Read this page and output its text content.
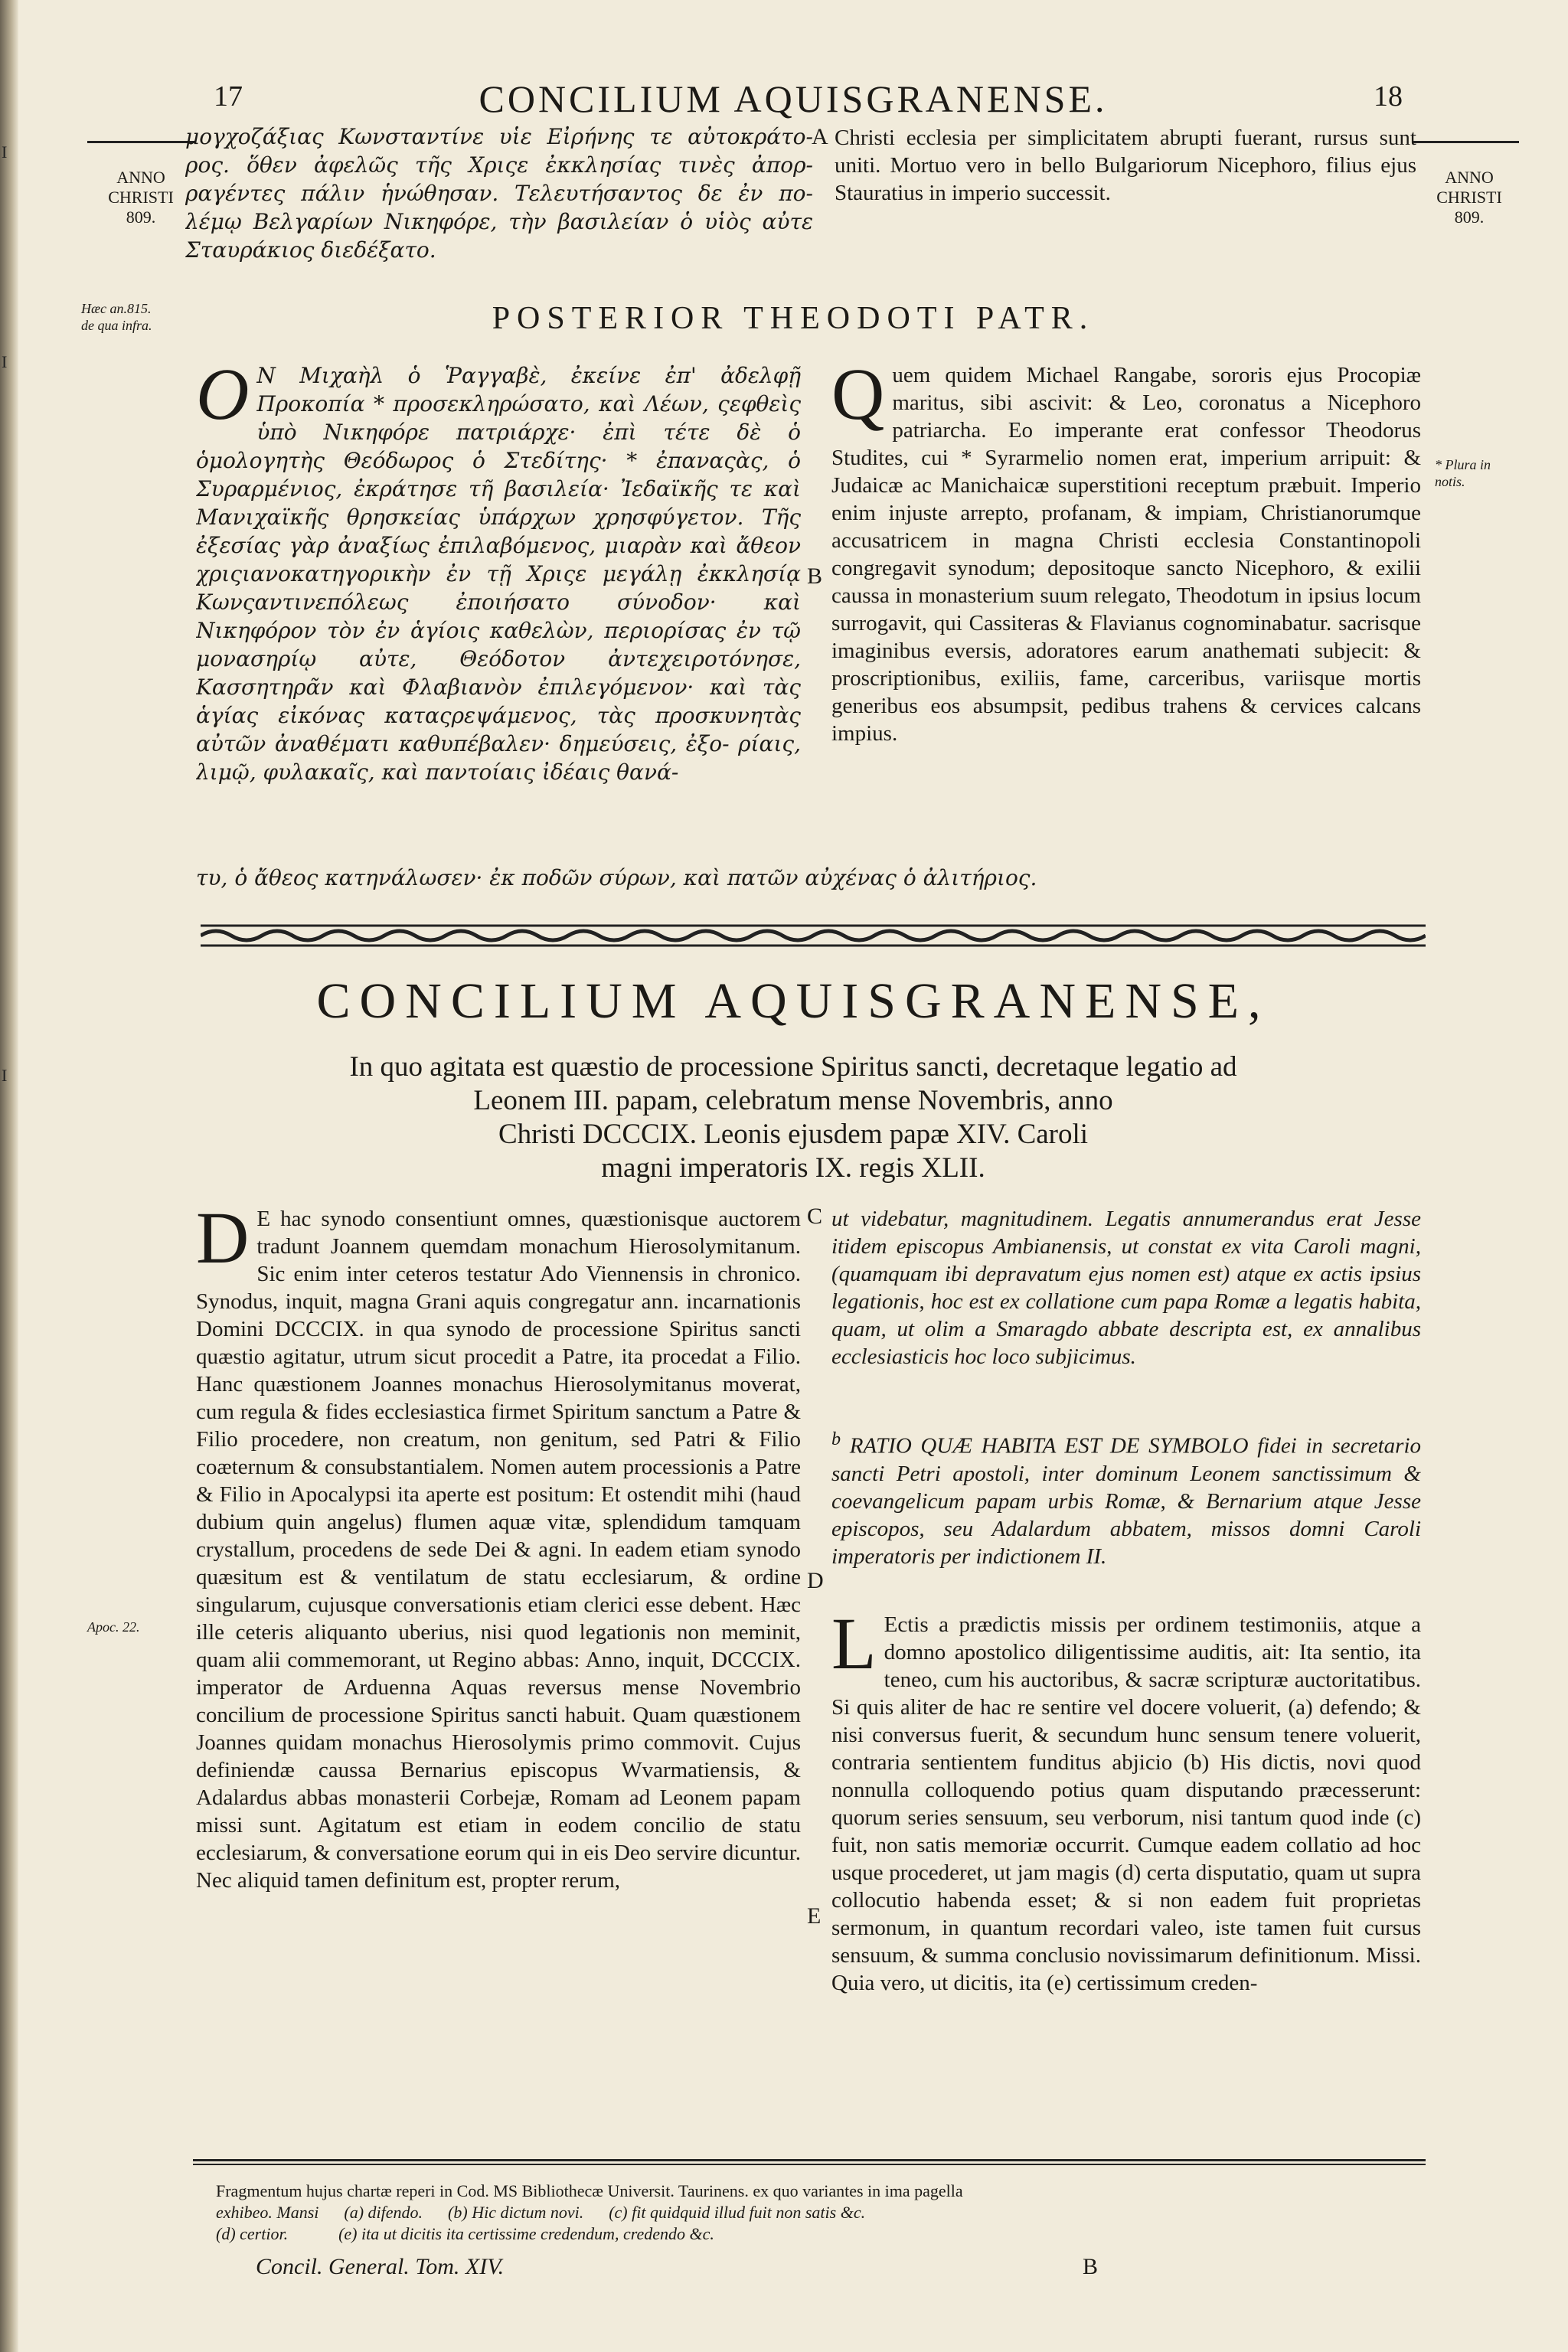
I
I
I
17	CONCILIUM AQUISGRANENSE.	18

ANNO
CHRISTI
809.

ANNO
CHRISTI
809.

Hæc an.815.
de qua infra.
* Plura in
notis.
Apoc. 22.
μογχοζάξιας Κωνσταντίνε υἱε Εἰρήνης τε αὐτοκράτο- ρος. ὅθεν ἀφελῶς τῆς Χριςε ἐκκλησίας τινὲς ἀπορ- ραγέντες πάλιν ἡνώθησαν. Τελευτήσαντος δε ἐν πο- λέμῳ Βελγαρίων Νικηφόρε, τὴν βασιλείαν ὁ υἱὸς αὐτε Σταυράκιος διεδέξατο.
A Christi ecclesia per simplicitatem abrupti fuerant, rursus sunt uniti. Mortuo vero in bello Bulgariorum Nicephoro, filius ejus Stauratius in imperio successit.
POSTERIOR THEODOTI PATR.
O Ν Μιχαὴλ ὁ Ῥαγγαβὲ, ἐκείνε ἐπ' ἀδελφῇ Προκοπία * προσεκληρώσατο, καὶ Λέων, ςεφθεὶς ὑπὸ Νικηφόρε πατριάρχε· ἐπὶ τέτε δὲ ὁ ὁμολογητὴς Θεόδωρος ὁ Στεδίτης· * ἐπαναςὰς, ὁ Συραρμένιος, ἐκράτησε τῆ βασιλεία· Ἰεδαϊκῆς τε καὶ Μανιχαϊκῆς θρησκείας ὑπάρχων χρησφύγετον. Τῆς ἐξεσίας γὰρ ἀναξίως ἐπιλαβόμενος, μιαρὰν καὶ ἄθεον χριςιανοκατηγορικὴν ἐν τῇ Χριςε μεγάλῃ ἐκκλησίᾳ Κωνςαντινεπόλεως ἐποιήσατο σύνοδον· καὶ Νικηφόρον τὸν ἐν ἁγίοις καθελὼν, περιορίσας ἐν τῷ μονασηρίῳ αὐτε, Θεόδοτον ἀντεχειροτόνησε, Κασσητηρᾶν καὶ Φλαβιανὸν ἐπιλεγόμενον· καὶ τὰς ἁγίας εἰκόνας καταςρεψάμενος, τὰς προσκυνητὰς αὐτῶν ἀναθέματι καθυπέβαλεν· δημεύσεις, ἐξο- ρίαις, λιμῷ, φυλακαῖς, καὶ παντοίαις ἰδέαις θανά-
B
Q uem quidem Michael Rangabe, sororis ejus Procopiæ maritus, sibi ascivit: & Leo, coronatus a Nicephoro patriarcha. Eo imperante erat confessor Theodorus Studites, cui * Syrarmelio nomen erat, imperium arripuit: & Judaicæ ac Manichaicæ superstitioni receptum præbuit. Imperio enim injuste arrepto, profanam, & impiam, Christianorumque accusatricem in magna Christi ecclesia Constantinopoli congregavit synodum; depositoque sancto Nicephoro, & exilii caussa in monasterium suum relegato, Theodotum in ipsius locum surrogavit, qui Cassiteras & Flavianus cognominabatur. sacrisque imaginibus eversis, adoratores earum anathemati subjecit: & proscriptionibus, exiliis, fame, carceribus, variisque mortis generibus eos absumpsit, pedibus trahens & cervices calcans impius.
τυ, ὁ ἄθεος κατηνάλωσεν· ἐκ ποδῶν σύρων, καὶ πατῶν αὐχένας ὁ ἀλιτήριος.
CONCILIUM AQUISGRANENSE,
In quo agitata est quæstio de processione Spiritus sancti, decretaque legatio ad
Leonem III. papam, celebratum mense Novembris, anno
Christi DCCCIX. Leonis ejusdem papæ XIV. Caroli
magni imperatoris IX. regis XLII.
D E hac synodo consentiunt omnes, quæstionisque auctorem tradunt Joannem quemdam monachum Hierosolymitanum. Sic enim inter ceteros testatur Ado Viennensis in chronico. Synodus, inquit, magna Grani aquis congregatur ann. incarnationis Domini DCCCIX. in qua synodo de processione Spiritus sancti quæstio agitatur, utrum sicut procedit a Patre, ita procedat a Filio. Hanc quæstionem Joannes monachus Hierosolymitanus moverat, cum regula & fides ecclesiastica firmet Spiritum sanctum a Patre & Filio procedere, non creatum, non genitum, sed Patri & Filio coæternum & consubstantialem. Nomen autem processionis a Patre & Filio in Apocalypsi ita aperte est positum: Et ostendit mihi (haud dubium quin angelus) flumen aquæ vitæ, splendidum tamquam crystallum, procedens de sede Dei & agni. In eadem etiam synodo quæsitum est & ventilatum de statu ecclesiarum, & ordine singularum, cujusque conversationis etiam clerici esse debent. Hæc ille ceteris aliquanto uberius, nisi quod legationis non meminit, quam alii commemorant, ut Regino abbas: Anno, inquit, DCCCIX. imperator de Arduenna Aquas reversus mense Novembrio concilium de processione Spiritus sancti habuit. Quam quæstionem Joannes quidam monachus Hierosolymis primo commovit. Cujus definiendæ caussa Bernarius episcopus Wvarmatiensis, & Adalardus abbas monasterii Corbejæ, Romam ad Leonem papam missi sunt. Agitatum est etiam in eodem concilio de statu ecclesiarum, & conversatione eorum qui in eis Deo servire dicuntur. Nec aliquid tamen definitum est, propter rerum,
C
D
E
ut videbatur, magnitudinem. Legatis annumerandus erat Jesse itidem episcopus Ambianensis, ut constat ex vita Caroli magni, (quamquam ibi depravatum ejus nomen est) atque ex actis ipsius legationis, hoc est ex collatione cum papa Romæ a legatis habita, quam, ut olim a Smaragdo abbate descripta est, ex annalibus ecclesiasticis hoc loco subjicimus.
$^b$ RATIO QUÆ HABITA EST DE SYMBOLO fidei in secretario sancti Petri apostoli, inter dominum Leonem sanctissimum & coevangelicum papam urbis Romæ, & Bernarium atque Jesse episcopos, seu Adalardum abbatem, missos domni Caroli imperatoris per indictionem II.
L Ectis a prædictis missis per ordinem testimoniis, atque a domno apostolico diligentissime auditis, ait: Ita sentio, ita teneo, cum his auctoribus, & sacræ scripturæ auctoritatibus. Si quis aliter de hac re sentire vel docere voluerit, (a) defendo; & nisi conversus fuerit, & secundum hunc sensum tenere voluerit, contraria sentientem funditus abjicio (b) His dictis, novi quod nonnulla colloquendo potius quam disputando præcesserunt: quorum series sensuum, seu verborum, nisi tantum quod inde (c) fuit, non satis memoriæ occurrit. Cumque eadem collatio ad hoc usque procederet, ut jam magis (d) certa disputatio, quam ut supra collocutio habenda esset; & si non eadem fuit proprietas sermonum, in quantum recordari valeo, iste tamen fuit cursus sensuum, & summa conclusio novissimarum definitionum. Missi. Quia vero, ut dicitis, ita (e) certissimum creden-
Fragmentum hujus chartæ reperi in Cod. MS Bibliothecæ Universit. Taurinens. ex quo variantes in ima pagella
exhibeo. Mansi      (a) difendo.      (b) Hic dictum novi.      (c) fit quidquid illud fuit non satis &c.
(d) certior.            (e) ita ut dicitis ita certissime credendum, credendo &c.
Concil. General. Tom. XIV.	B
